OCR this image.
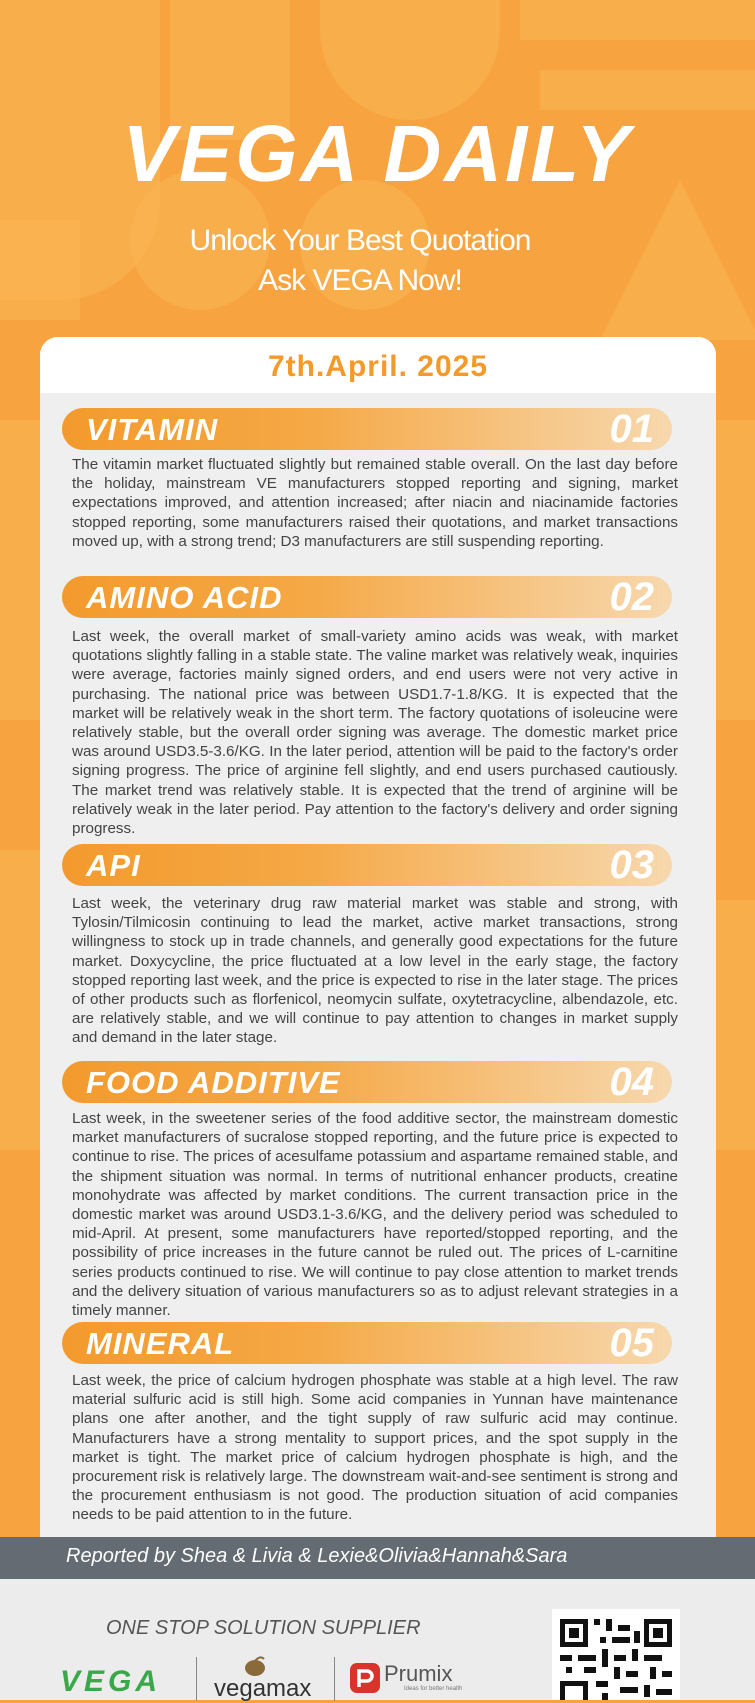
VEGA DAILY
Unlock Your Best Quotation
Ask VEGA Now!
7th.April. 2025
VITAMIN	01
The vitamin market fluctuated slightly but remained stable overall. On the last day before the holiday, mainstream VE manufacturers stopped reporting and signing, market expectations improved, and attention increased; after niacin and niacinamide factories stopped reporting, some manufacturers raised their quotations, and market transactions moved up, with a strong trend; D3 manufacturers are still suspending reporting.
AMINO ACID	02
Last week, the overall market of small-variety amino acids was weak, with market quotations slightly falling in a stable state. The valine market was relatively weak, inquiries were average, factories mainly signed orders, and end users were not very active in purchasing. The national price was between USD1.7-1.8/KG. It is expected that the market will be relatively weak in the short term. The factory quotations of isoleucine were relatively stable, but the overall order signing was average. The domestic market price was around USD3.5-3.6/KG. In the later period, attention will be paid to the factory's order signing progress. The price of arginine fell slightly, and end users purchased cautiously. The market trend was relatively stable. It is expected that the trend of arginine will be relatively weak in the later period. Pay attention to the factory's delivery and order signing progress.
API	03
Last week, the veterinary drug raw material market was stable and strong, with Tylosin/Tilmicosin continuing to lead the market, active market transactions, strong willingness to stock up in trade channels, and generally good expectations for the future market. Doxycycline, the price fluctuated at a low level in the early stage, the factory stopped reporting last week, and the price is expected to rise in the later stage. The prices of other products such as florfenicol, neomycin sulfate, oxytetracycline, albendazole, etc. are relatively stable, and we will continue to pay attention to changes in market supply and demand in the later stage.
FOOD ADDITIVE	04
Last week, in the sweetener series of the food additive sector, the mainstream domestic market manufacturers of sucralose stopped reporting, and the future price is expected to continue to rise. The prices of acesulfame potassium and aspartame remained stable, and the shipment situation was normal. In terms of nutritional enhancer products, creatine monohydrate was affected by market conditions. The current transaction price in the domestic market was around USD3.1-3.6/KG, and the delivery period was scheduled to mid-April. At present, some manufacturers have reported/stopped reporting, and the possibility of price increases in the future cannot be ruled out. The prices of L-carnitine series products continued to rise. We will continue to pay close attention to market trends and the delivery situation of various manufacturers so as to adjust relevant strategies in a timely manner.
MINERAL	05
Last week, the price of calcium hydrogen phosphate was stable at a high level. The raw material sulfuric acid is still high. Some acid companies in Yunnan have maintenance plans one after another, and the tight supply of raw sulfuric acid may continue. Manufacturers have a strong mentality to support prices, and the spot supply in the market is tight. The market price of calcium hydrogen phosphate is high, and the procurement risk is relatively large. The downstream wait-and-see sentiment is strong and the procurement enthusiasm is not good. The production situation of acid companies needs to be paid attention to in the future.
Reported by Shea & Livia & Lexie&Olivia&Hannah&Sara
ONE STOP SOLUTION SUPPLIER
VEGA vegamax
Prumix
Ideas for better health
